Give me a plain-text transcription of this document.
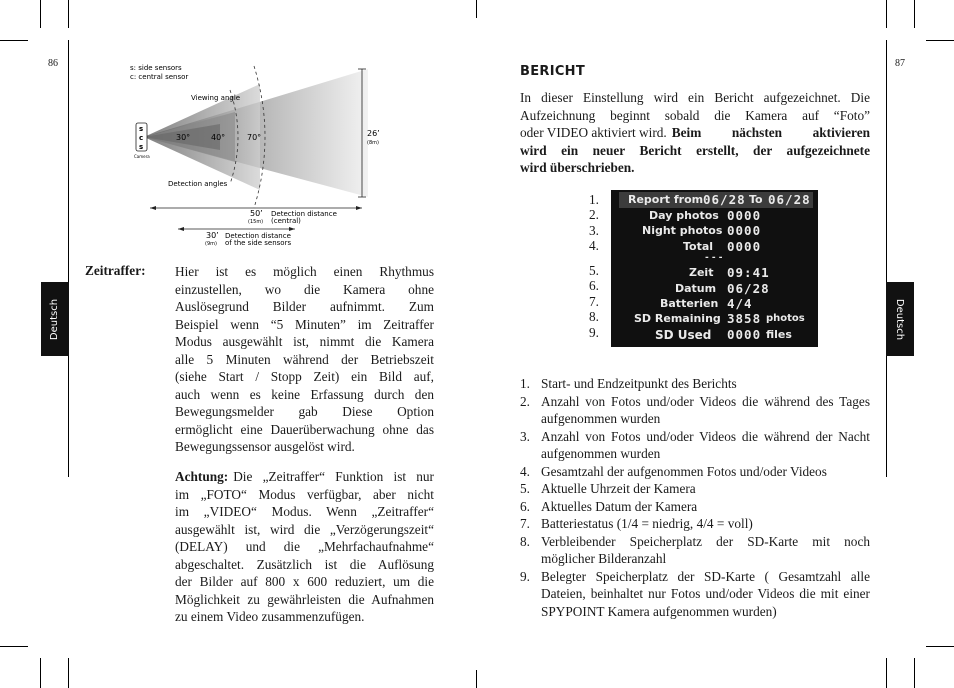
86	87
Deutsch	Deutsch
s
c
s
Camera
s: side sensors
c: central sensor
Viewing angle
30°	40°	70°
Detection angles
26’
(8m)
50’
(15m)
Detection distance
(central)
30’
(9m)
Detection distance
of the side sensors
Zeitraffer: Hier ist es möglich einen Rhythmus
einzustellen, wo die Kamera ohne
Auslösegrund Bilder aufnimmt. Zum
Beispiel wenn “5 Minuten” im Zeitraffer
Modus ausgewählt ist, nimmt die Kamera
alle 5 Minuten während der Betriebszeit
(siehe Start / Stopp Zeit) ein Bild auf,
auch wenn es keine Erfassung durch den
Bewegungsmelder gab Diese Option
ermöglicht eine Dauerüberwachung ohne das
Bewegungssensor ausgelöst wird.
Achtung: Die „Zeitraffer“ Funktion ist nur
im „FOTO“ Modus verfügbar, aber nicht
im „VIDEO“ Modus. Wenn „Zeitraffer“
ausgewählt ist, wird die „Verzögerungszeit“
(DELAY) und die „Mehrfachaufnahme“
abgeschaltet. Zusätzlich ist die Auflösung
der Bilder auf 800 x 600 reduziert, um die
Möglichkeit zu gewährleisten die Aufnahmen
zu einem Video zusammenzufügen.
BERICHT
In dieser Einstellung wird ein Bericht aufgezeichnet. Die
Aufzeichnung beginnt sobald die Kamera auf “Foto”
oder VIDEO aktiviert wird. Beim nächsten aktivieren
wird ein neuer Bericht erstellt, der aufgezeichnete
wird überschrieben.
1.
2.
3.
4.
5.
6.
7.
8.
9.
Report from 06/28 To 06/28
Day photos 0000
Night photos 0000
Total 0000
- - -
Zeit 09:41
Datum 06/28
Batterien 4/4
SD Remaining 3858 photos
SD Used 0000 files
1. Start- und Endzeitpunkt des Berichts
2. Anzahl von Fotos und/oder Videos die während des Tages aufgenommen wurden
3. Anzahl von Fotos und/oder Videos die während der Nacht aufgenommen wurden
4. Gesamtzahl der aufgenommen Fotos und/oder Videos
5. Aktuelle Uhrzeit der Kamera
6. Aktuelles Datum der Kamera
7. Batteriestatus (1/4 = niedrig, 4/4 = voll)
8. Verbleibender Speicherplatz der SD-Karte mit noch möglicher Bilderanzahl
9. Belegter Speicherplatz der SD-Karte ( Gesamtzahl alle Dateien, beinhaltet nur Fotos und/oder Videos die mit einer SPYPOINT Kamera aufgenommen wurden)
